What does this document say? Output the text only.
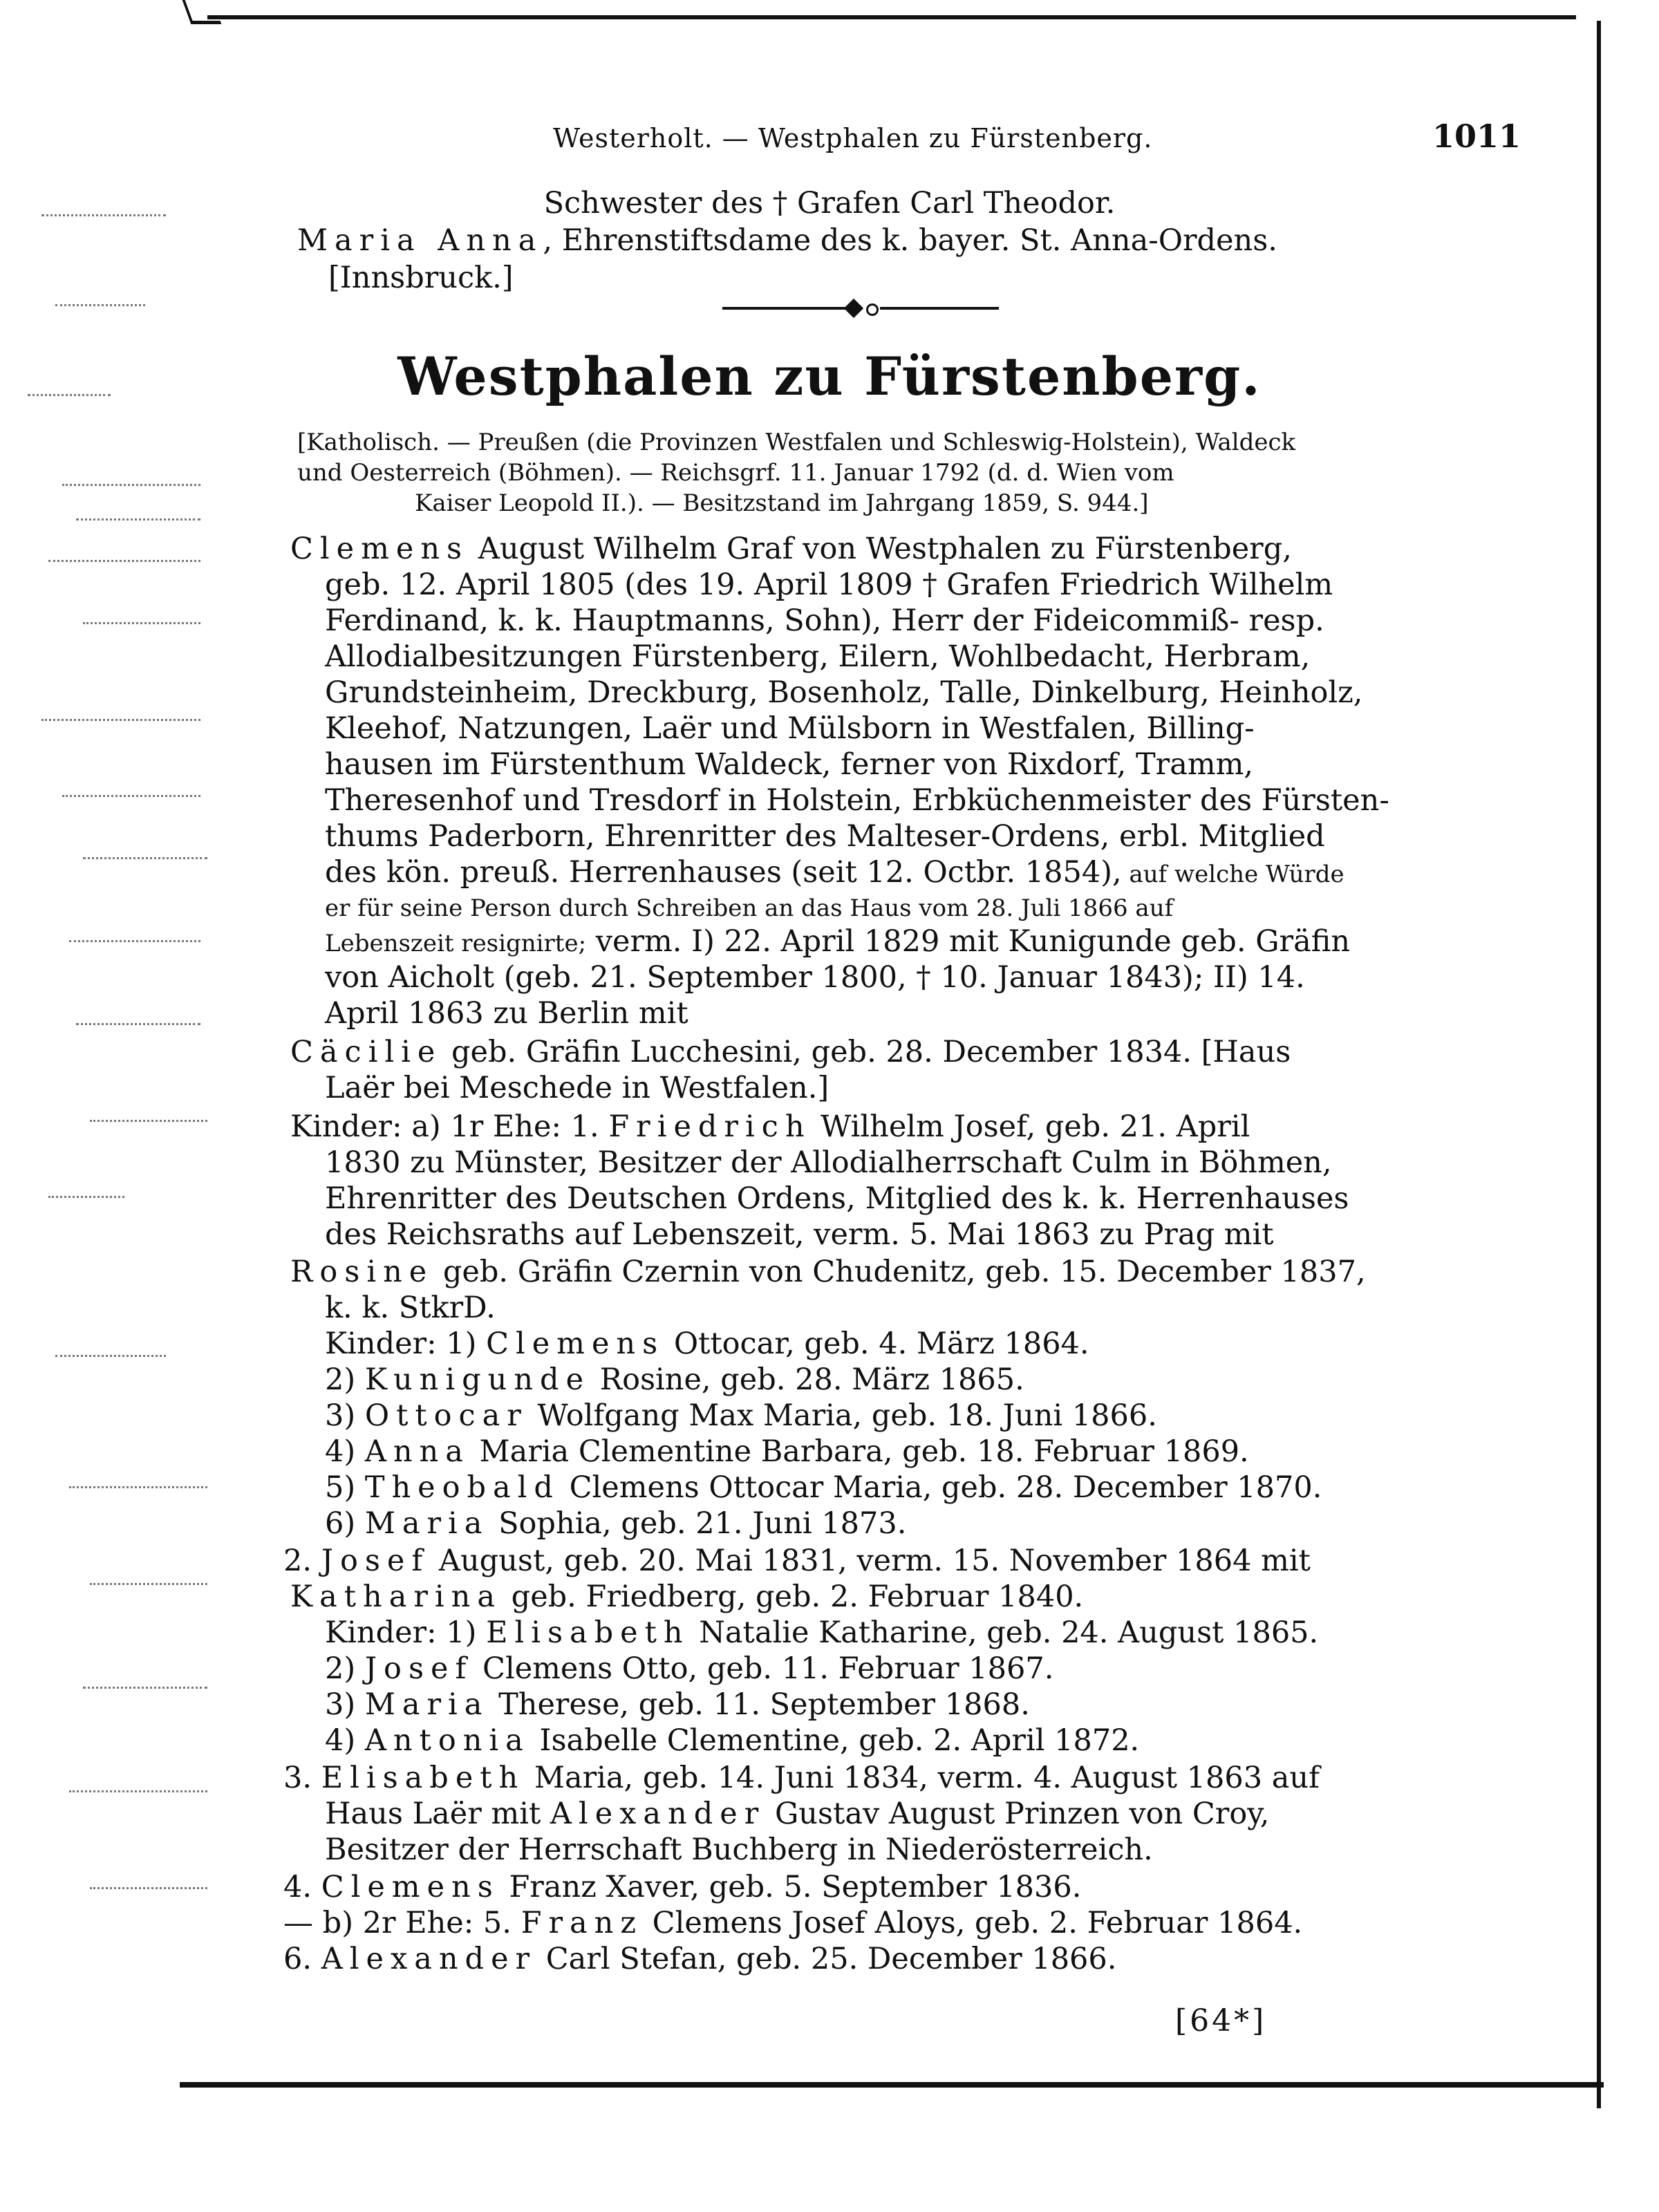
Westerholt. — Westphalen zu Fürstenberg.	1011
Schwester des † Grafen Carl Theodor.
Maria Anna, Ehrenstiftsdame des k. bayer. St. Anna-Ordens.
[Innsbruck.]
Westphalen zu Fürstenberg.
[Katholisch. — Preußen (die Provinzen Westfalen und Schleswig-Holstein), Waldeck
und Oesterreich (Böhmen). — Reichsgrf. 11. Januar 1792 (d. d. Wien vom
Kaiser Leopold II.). — Besitzstand im Jahrgang 1859, S. 944.]
Clemens August Wilhelm Graf von Westphalen zu Fürstenberg,
geb. 12. April 1805 (des 19. April 1809 † Grafen Friedrich Wilhelm
Ferdinand, k. k. Hauptmanns, Sohn), Herr der Fideicommiß- resp.
Allodialbesitzungen Fürstenberg, Eilern, Wohlbedacht, Herbram,
Grundsteinheim, Dreckburg, Bosenholz, Talle, Dinkelburg, Heinholz,
Kleehof, Natzungen, Laër und Mülsborn in Westfalen, Billing-
hausen im Fürstenthum Waldeck, ferner von Rixdorf, Tramm,
Theresenhof und Tresdorf in Holstein, Erbküchenmeister des Fürsten-
thums Paderborn, Ehrenritter des Malteser-Ordens, erbl. Mitglied
des kön. preuß. Herrenhauses (seit 12. Octbr. 1854), auf welche Würde
er für seine Person durch Schreiben an das Haus vom 28. Juli 1866 auf
Lebenszeit resignirte; verm. I) 22. April 1829 mit Kunigunde geb. Gräfin
von Aicholt (geb. 21. September 1800, † 10. Januar 1843); II) 14.
April 1863 zu Berlin mit
Cäcilie geb. Gräfin Lucchesini, geb. 28. December 1834. [Haus
Laër bei Meschede in Westfalen.]
Kinder: a) 1r Ehe: 1. Friedrich Wilhelm Josef, geb. 21. April
1830 zu Münster, Besitzer der Allodialherrschaft Culm in Böhmen,
Ehrenritter des Deutschen Ordens, Mitglied des k. k. Herrenhauses
des Reichsraths auf Lebenszeit, verm. 5. Mai 1863 zu Prag mit
Rosine geb. Gräfin Czernin von Chudenitz, geb. 15. December 1837,
k. k. StkrD.
Kinder: 1) Clemens Ottocar, geb. 4. März 1864.
2) Kunigunde Rosine, geb. 28. März 1865.
3) Ottocar Wolfgang Max Maria, geb. 18. Juni 1866.
4) Anna Maria Clementine Barbara, geb. 18. Februar 1869.
5) Theobald Clemens Ottocar Maria, geb. 28. December 1870.
6) Maria Sophia, geb. 21. Juni 1873.
2. Josef August, geb. 20. Mai 1831, verm. 15. November 1864 mit
Katharina geb. Friedberg, geb. 2. Februar 1840.
Kinder: 1) Elisabeth Natalie Katharine, geb. 24. August 1865.
2) Josef Clemens Otto, geb. 11. Februar 1867.
3) Maria Therese, geb. 11. September 1868.
4) Antonia Isabelle Clementine, geb. 2. April 1872.
3. Elisabeth Maria, geb. 14. Juni 1834, verm. 4. August 1863 auf
Haus Laër mit Alexander Gustav August Prinzen von Croy,
Besitzer der Herrschaft Buchberg in Niederösterreich.
4. Clemens Franz Xaver, geb. 5. September 1836.
— b) 2r Ehe: 5. Franz Clemens Josef Aloys, geb. 2. Februar 1864.
6. Alexander Carl Stefan, geb. 25. December 1866.
[64*]
